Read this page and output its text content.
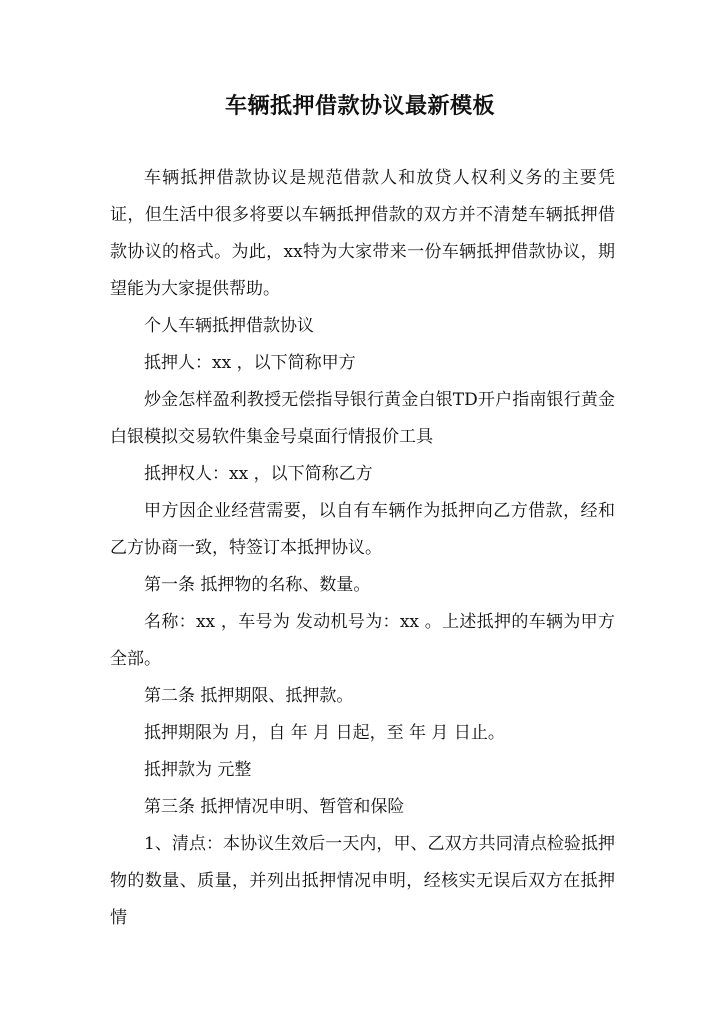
车辆抵押借款协议最新模板

车辆抵押借款协议是规范借款人和放贷人权利义务的主要凭证，但生活中很多将要以车辆抵押借款的双方并不清楚车辆抵押借款协议的格式。为此，xx特为大家带来一份车辆抵押借款协议，期望能为大家提供帮助。

个人车辆抵押借款协议

抵押人：xx ，以下简称甲方

炒金怎样盈利教授无偿指导银行黄金白银TD开户指南银行黄金白银模拟交易软件集金号桌面行情报价工具

抵押权人：xx ，以下简称乙方

甲方因企业经营需要，以自有车辆作为抵押向乙方借款，经和乙方协商一致，特签订本抵押协议。

第一条 抵押物的名称、数量。

名称：xx ，车号为 发动机号为：xx 。上述抵押的车辆为甲方全部。

第二条 抵押期限、抵押款。

抵押期限为 月，自 年 月 日起，至 年 月 日止。

抵押款为 元整

第三条 抵押情况申明、暂管和保险

1、清点：本协议生效后一天内，甲、乙双方共同清点检验抵押物的数量、质量，并列出抵押情况申明，经核实无误后双方在抵押情
